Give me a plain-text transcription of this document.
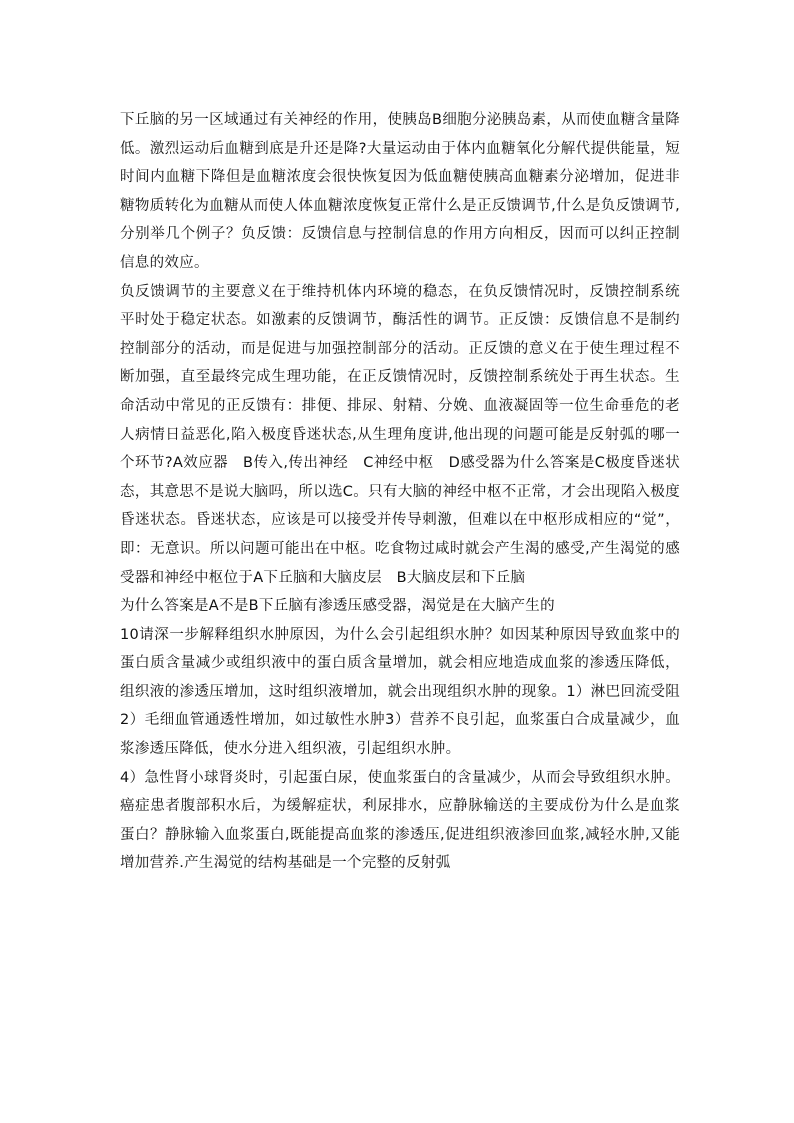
下丘脑的另一区域通过有关神经的作用，使胰岛B细胞分泌胰岛素，从而使血糖含量降低。激烈运动后血糖到底是升还是降?大量运动由于体内血糖氧化分解代提供能量，短时间内血糖下降但是血糖浓度会很快恢复因为低血糖使胰高血糖素分泌增加，促进非糖物质转化为血糖从而使人体血糖浓度恢复正常什么是正反馈调节,什么是负反馈调节,分别举几个例子？负反馈：反馈信息与控制信息的作用方向相反，因而可以纠正控制信息的效应。

负反馈调节的主要意义在于维持机体内环境的稳态，在负反馈情况时，反馈控制系统平时处于稳定状态。如激素的反馈调节，酶活性的调节。正反馈：反馈信息不是制约控制部分的活动，而是促进与加强控制部分的活动。正反馈的意义在于使生理过程不断加强，直至最终完成生理功能，在正反馈情况时，反馈控制系统处于再生状态。生命活动中常见的正反馈有：排便、排尿、射精、分娩、血液凝固等一位生命垂危的老人病情日益恶化,陷入极度昏迷状态,从生理角度讲,他出现的问题可能是反射弧的哪一个环节?A效应器　B传入,传出神经　C神经中枢　D感受器为什么答案是C极度昏迷状态，其意思不是说大脑吗，所以选C。只有大脑的神经中枢不正常，才会出现陷入极度昏迷状态。昏迷状态，应该是可以接受并传导刺激，但难以在中枢形成相应的“觉”，即：无意识。所以问题可能出在中枢。吃食物过咸时就会产生渴的感受,产生渴觉的感受器和神经中枢位于A下丘脑和大脑皮层　B大脑皮层和下丘脑

为什么答案是A不是B下丘脑有渗透压感受器，渴觉是在大脑产生的

10请深一步解释组织水肿原因，为什么会引起组织水肿？如因某种原因导致血浆中的蛋白质含量减少或组织液中的蛋白质含量增加，就会相应地造成血浆的渗透压降低，组织液的渗透压增加，这时组织液增加，就会出现组织水肿的现象。1）淋巴回流受阻2）毛细血管通透性增加，如过敏性水肿3）营养不良引起，血浆蛋白合成量减少，血浆渗透压降低，使水分进入组织液，引起组织水肿。

4）急性肾小球肾炎时，引起蛋白尿，使血浆蛋白的含量减少，从而会导致组织水肿。癌症患者腹部积水后，为缓解症状，利尿排水，应静脉输送的主要成份为什么是血浆蛋白？静脉输入血浆蛋白,既能提高血浆的渗透压,促进组织液渗回血浆,减轻水肿,又能增加营养.产生渴觉的结构基础是一个完整的反射弧
